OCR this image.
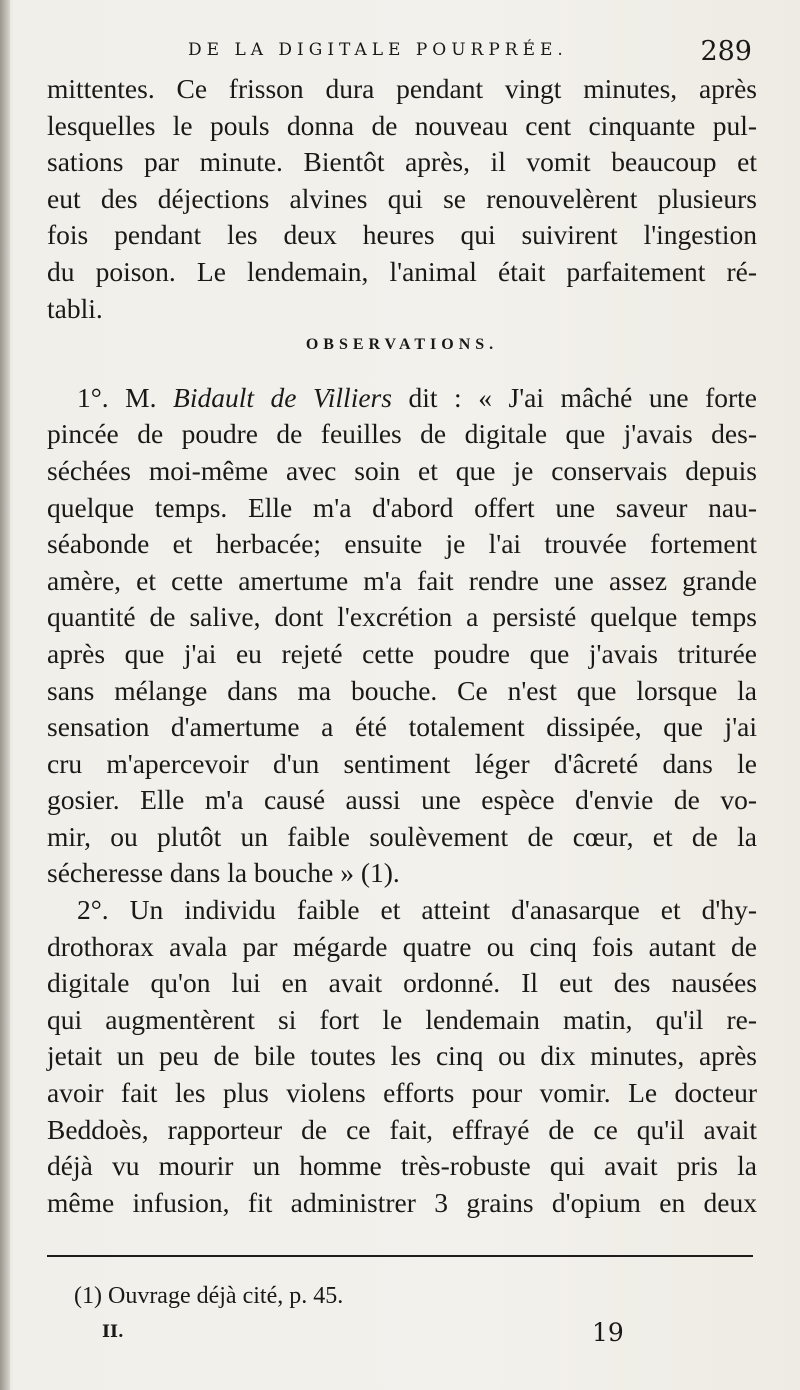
DE LA DIGITALE POURPRÉE.	289
mittentes. Ce frisson dura pendant vingt minutes, après
lesquelles le pouls donna de nouveau cent cinquante pul-
sations par minute. Bientôt après, il vomit beaucoup et
eut des déjections alvines qui se renouvelèrent plusieurs
fois pendant les deux heures qui suivirent l'ingestion
du poison. Le lendemain, l'animal était parfaitement ré-
tabli.
OBSERVATIONS.
1°. M. Bidault de Villiers dit : « J'ai mâché une forte
pincée de poudre de feuilles de digitale que j'avais des-
séchées moi-même avec soin et que je conservais depuis
quelque temps. Elle m'a d'abord offert une saveur nau-
séabonde et herbacée; ensuite je l'ai trouvée fortement
amère, et cette amertume m'a fait rendre une assez grande
quantité de salive, dont l'excrétion a persisté quelque temps
après que j'ai eu rejeté cette poudre que j'avais triturée
sans mélange dans ma bouche. Ce n'est que lorsque la
sensation d'amertume a été totalement dissipée, que j'ai
cru m'apercevoir d'un sentiment léger d'âcreté dans le
gosier. Elle m'a causé aussi une espèce d'envie de vo-
mir, ou plutôt un faible soulèvement de cœur, et de la
sécheresse dans la bouche » (1).
2°. Un individu faible et atteint d'anasarque et d'hy-
drothorax avala par mégarde quatre ou cinq fois autant de
digitale qu'on lui en avait ordonné. Il eut des nausées
qui augmentèrent si fort le lendemain matin, qu'il re-
jetait un peu de bile toutes les cinq ou dix minutes, après
avoir fait les plus violens efforts pour vomir. Le docteur
Beddoès, rapporteur de ce fait, effrayé de ce qu'il avait
déjà vu mourir un homme très-robuste qui avait pris la
même infusion, fit administrer 3 grains d'opium en deux
(1) Ouvrage déjà cité, p. 45.
II.	19
